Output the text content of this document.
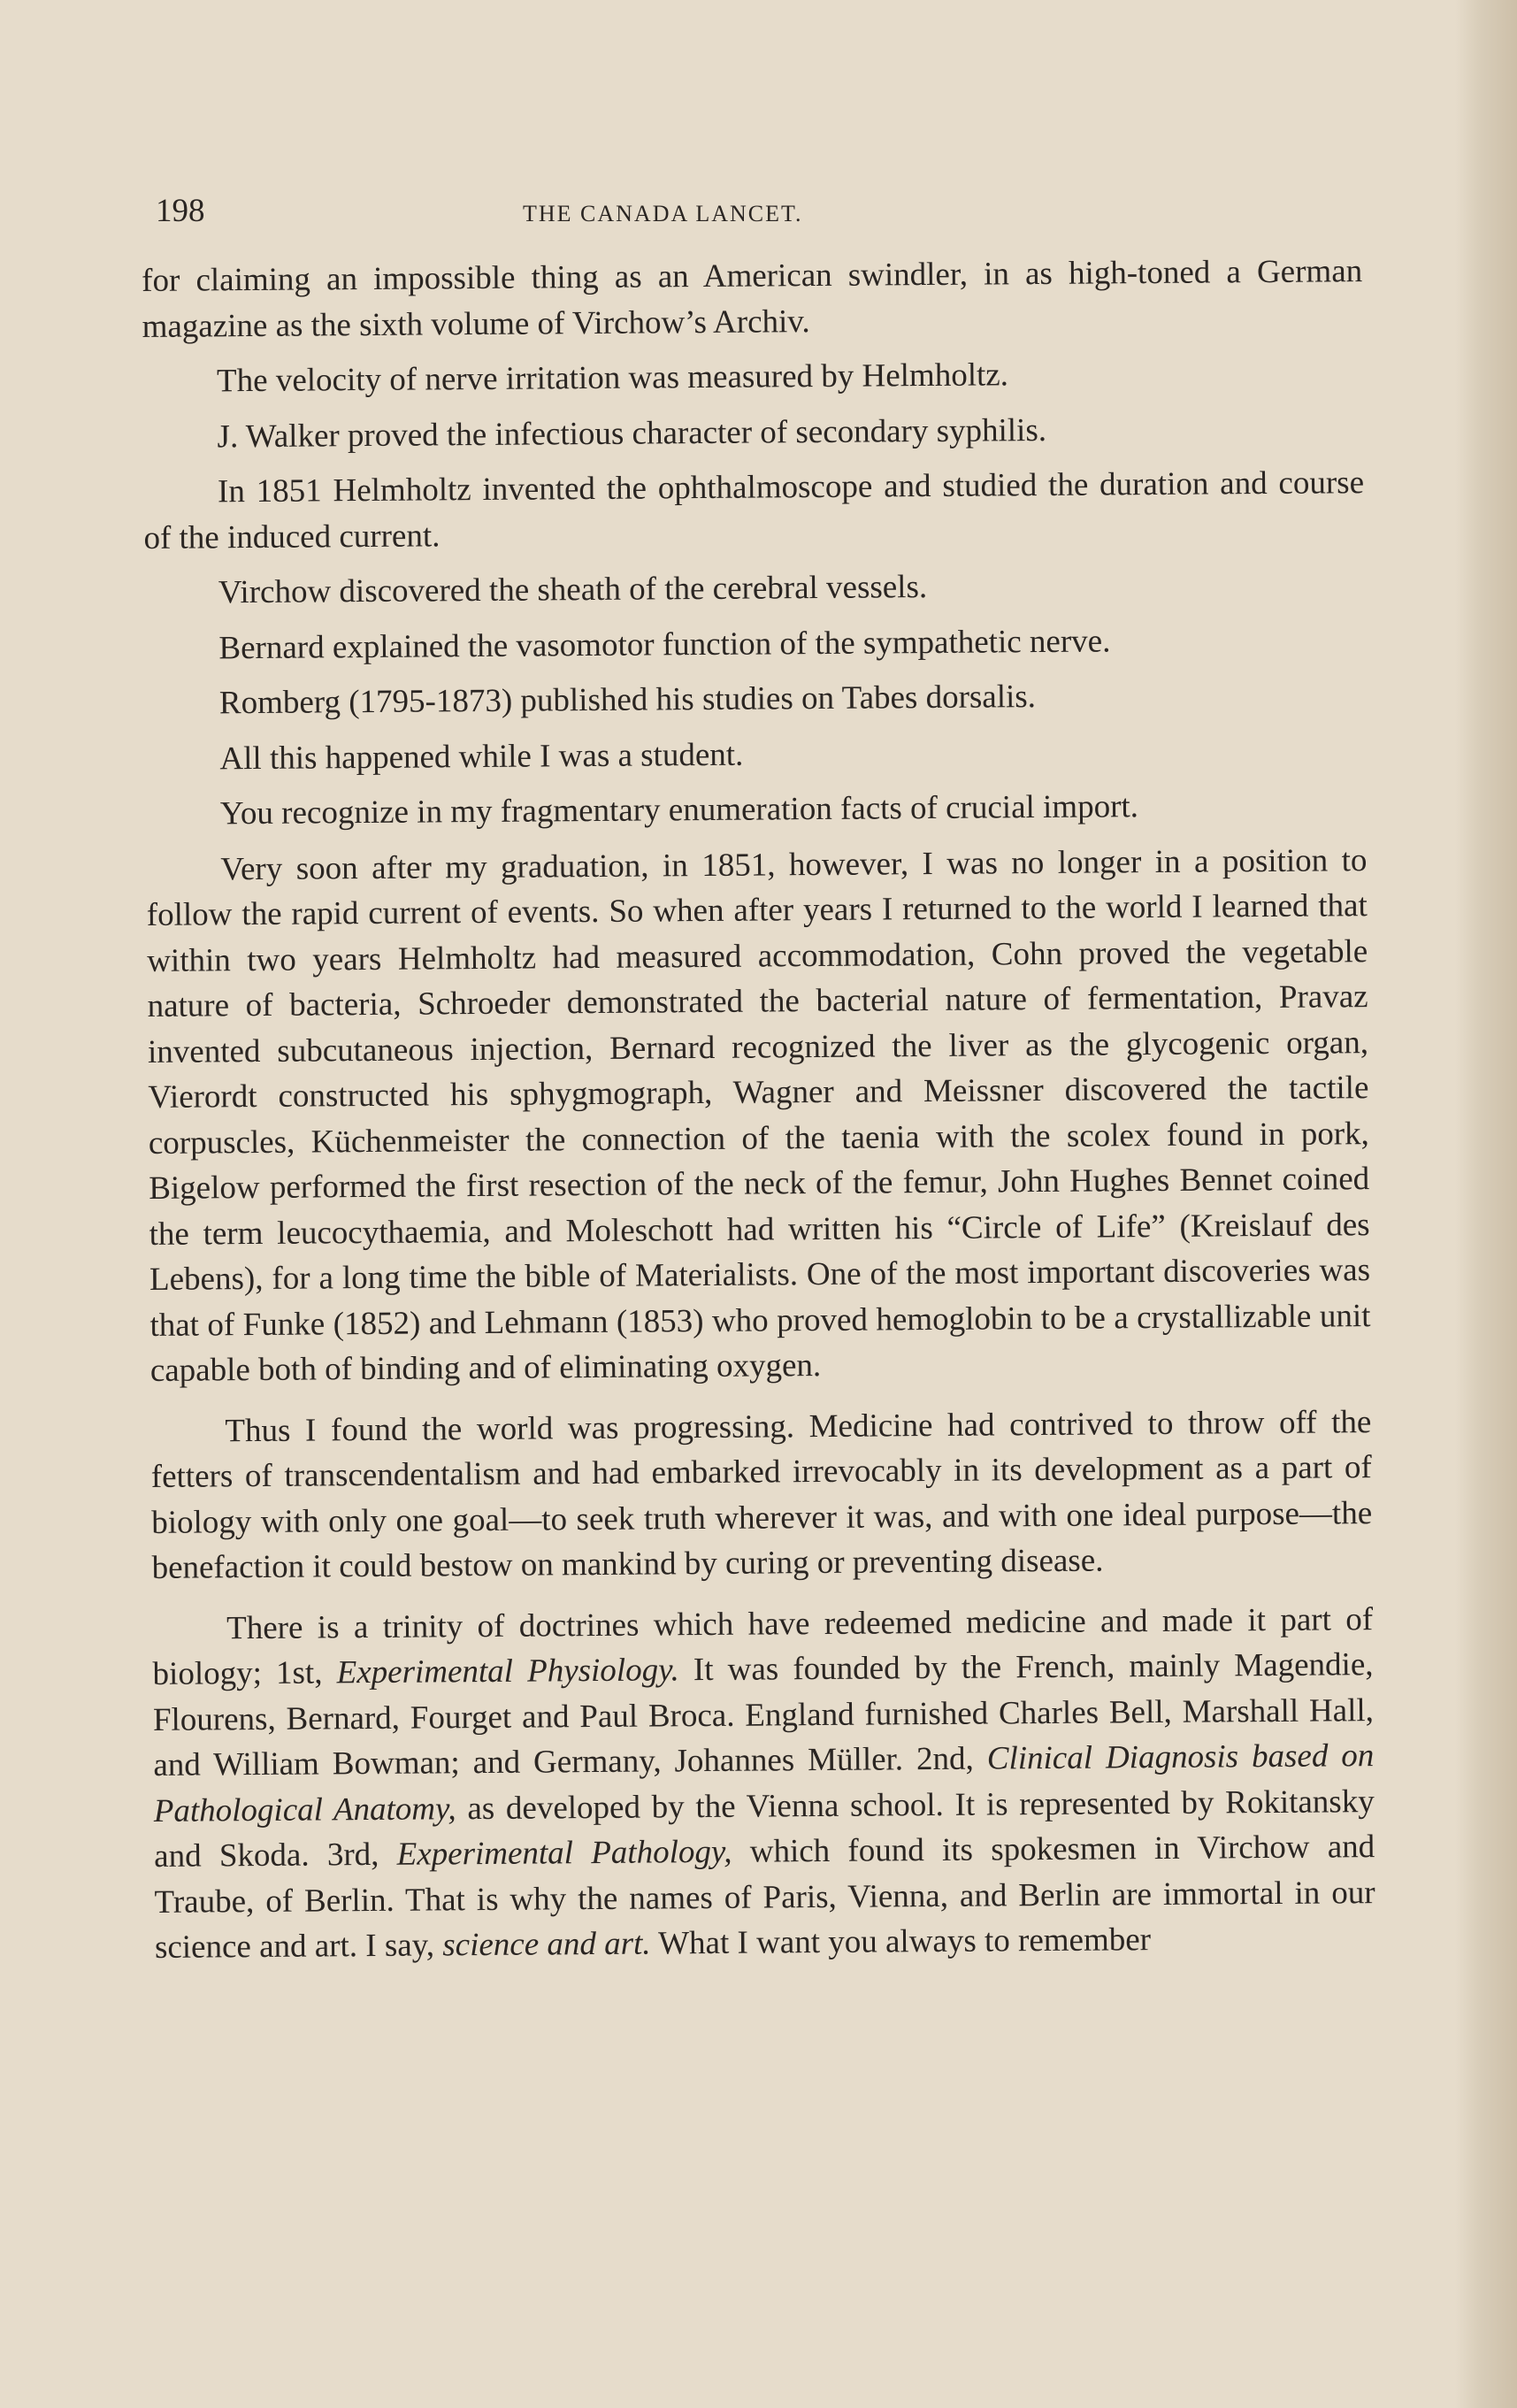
198	THE CANADA LANCET.

for claiming an impossible thing as an American swindler, in as high-toned a German magazine as the sixth volume of Virchow’s Archiv.

The velocity of nerve irritation was measured by Helmholtz.

J. Walker proved the infectious character of secondary syphilis.

In 1851 Helmholtz invented the ophthalmoscope and studied the duration and course of the induced current.

Virchow discovered the sheath of the cerebral vessels.

Bernard explained the vasomotor function of the sympathetic nerve.

Romberg (1795-1873) published his studies on Tabes dorsalis.

All this happened while I was a student.

You recognize in my fragmentary enumeration facts of crucial import.

Very soon after my graduation, in 1851, however, I was no longer in a position to follow the rapid current of events. So when after years I returned to the world I learned that within two years Helmholtz had measured accommodation, Cohn proved the vegetable nature of bacteria, Schroeder demonstrated the bacterial nature of fermentation, Pravaz invented subcutaneous injection, Bernard recognized the liver as the glycogenic organ, Vierordt constructed his sphygmograph, Wagner and Meissner discovered the tactile corpuscles, Küchenmeister the connection of the taenia with the scolex found in pork, Bigelow performed the first resection of the neck of the femur, John Hughes Bennet coined the term leucocythaemia, and Moleschott had written his “Circle of Life” (Kreislauf des Lebens), for a long time the bible of Materialists. One of the most important discoveries was that of Funke (1852) and Lehmann (1853) who proved hemoglobin to be a crystallizable unit capable both of binding and of eliminating oxygen.

Thus I found the world was progressing. Medicine had contrived to throw off the fetters of transcendentalism and had embarked irrevocably in its development as a part of biology with only one goal—to seek truth wherever it was, and with one ideal purpose—the benefaction it could bestow on mankind by curing or preventing disease.

There is a trinity of doctrines which have redeemed medicine and made it part of biology; 1st, Experimental Physiology. It was founded by the French, mainly Magendie, Flourens, Bernard, Fourget and Paul Broca. England furnished Charles Bell, Marshall Hall, and William Bowman; and Germany, Johannes Müller. 2nd, Clinical Diagnosis based on Pathological Anatomy, as developed by the Vienna school. It is represented by Rokitansky and Skoda. 3rd, Experimental Pathology, which found its spokesmen in Virchow and Traube, of Berlin. That is why the names of Paris, Vienna, and Berlin are immortal in our science and art. I say, science and art. What I want you always to remember
